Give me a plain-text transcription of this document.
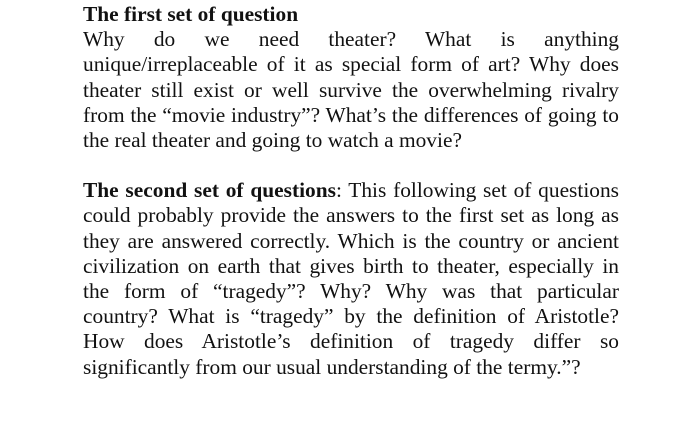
The first set of question

Why do we need theater? What is anything unique/irreplaceable of it as special form of art? Why does theater still exist or well survive the overwhelming rivalry from the “movie industry”? What’s the differences of going to the real theater and going to watch a movie?

The second set of questions: This following set of questions could probably provide the answers to the first set as long as they are answered correctly. Which is the country or ancient civilization on earth that gives birth to theater, especially in the form of “tragedy”? Why? Why was that particular country? What is “tragedy” by the definition of Aristotle? How does Aristotle’s definition of tragedy differ so significantly from our usual understanding of the termy.”?
